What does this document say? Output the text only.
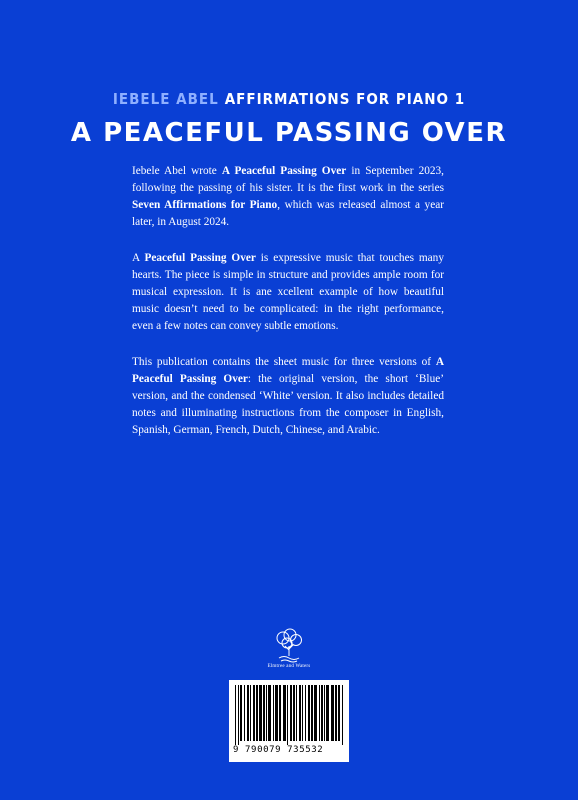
IEBELE ABEL AFFIRMATIONS FOR PIANO 1
A PEACEFUL PASSING OVER

Iebele Abel wrote A Peaceful Passing Over in September 2023, following the passing of his sister. It is the first work in the series Seven Affirmations for Piano, which was released almost a year later, in August 2024.

A Peaceful Passing Over is expressive music that touches many hearts. The piece is simple in structure and provides ample room for musical expression. It is ane xcellent example of how beautiful music doesn’t need to be complicated: in the right performance, even a few notes can convey subtle emotions.

This publication contains the sheet music for three versions of A Peaceful Passing Over: the original version, the short ‘Blue’ version, and the condensed ‘White’ version. It also includes detailed notes and illuminating instructions from the composer in English, Spanish, German, French, Dutch, Chinese, and Arabic.

Elmtree and Waters
9 790079 735532
